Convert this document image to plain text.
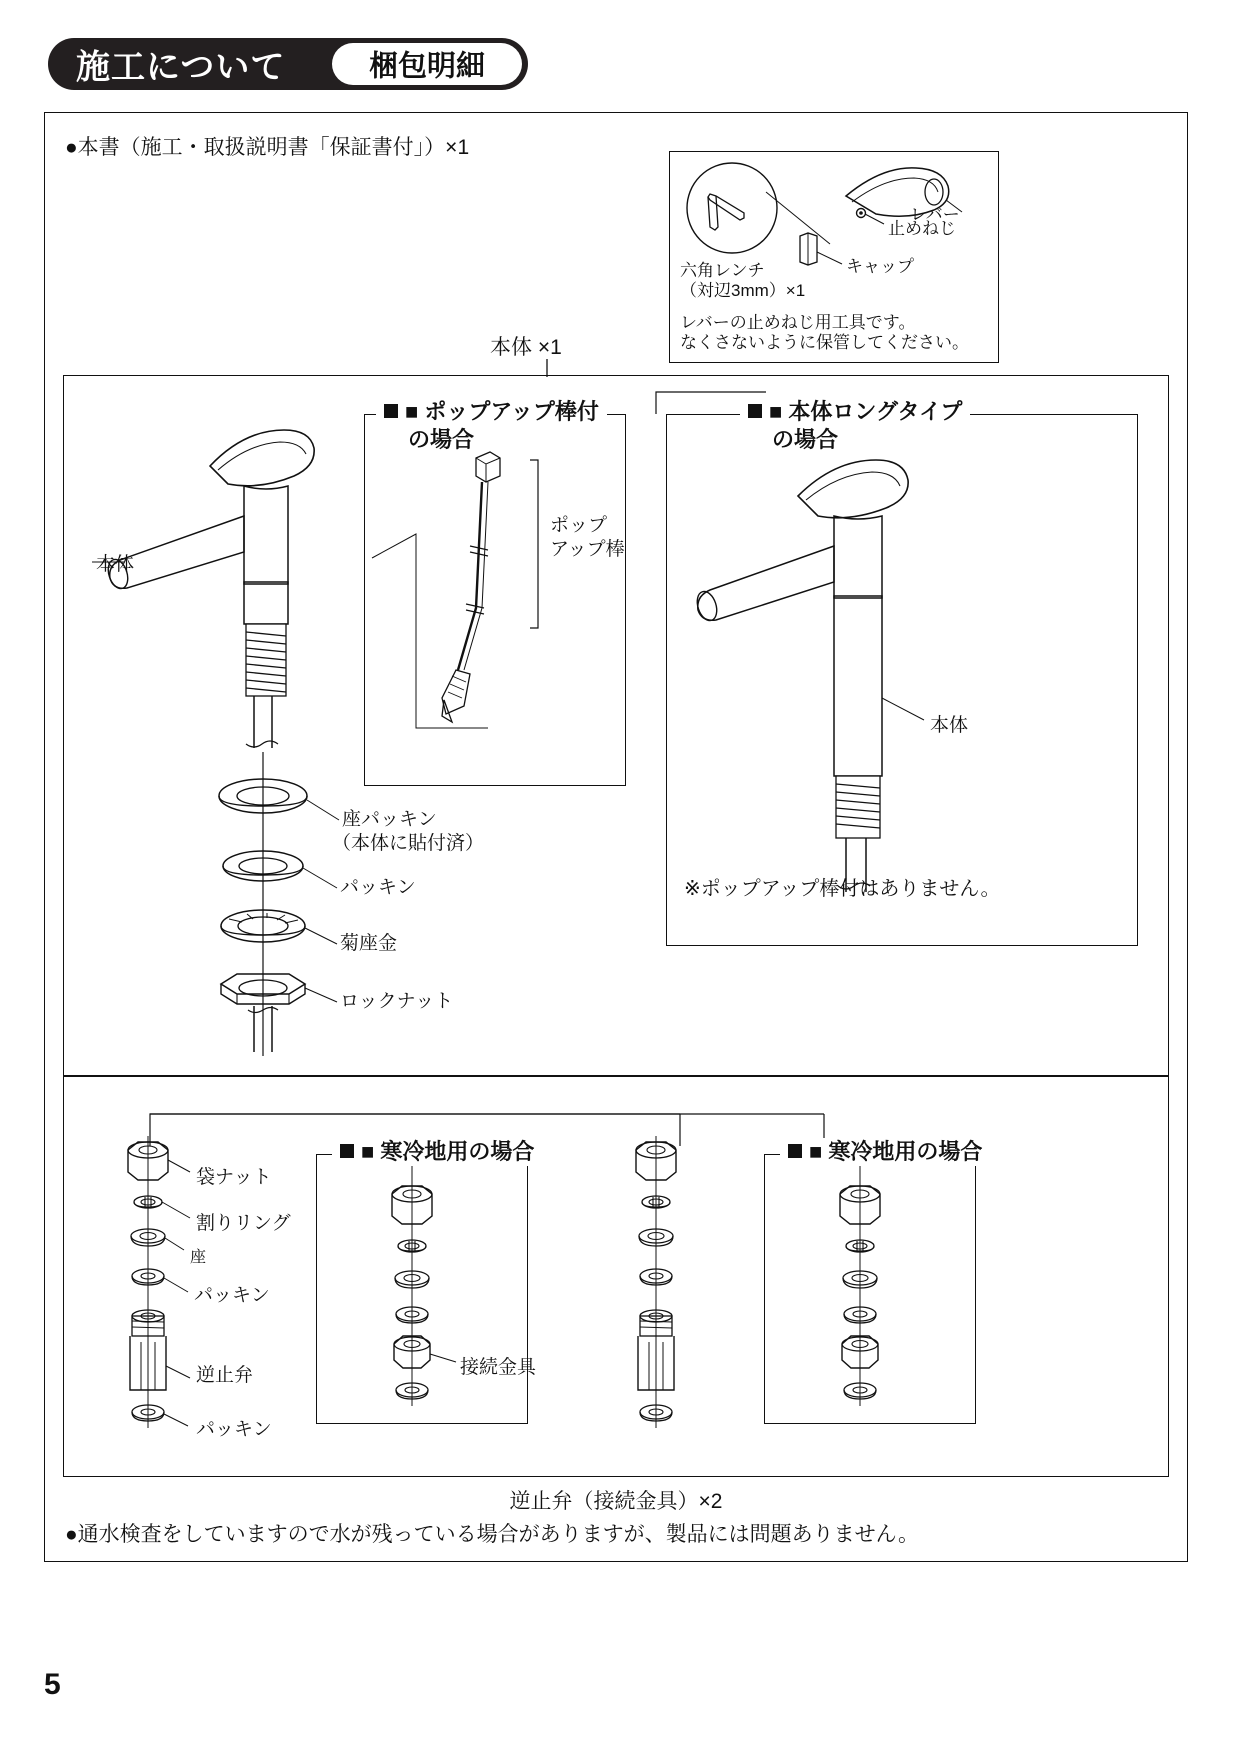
施工について	梱包明細
●本書（施工・取扱説明書「保証書付」）×1
レバー
止めねじ
キャップ
六角レンチ
（対辺3mm）×1
レバーの止めねじ用工具です。
なくさないように保管してください。
本体 ×1
本体
座パッキン
（本体に貼付済）
パッキン
菊座金
ロックナット
■ ポップアップ棒付
の場合
ポップ
アップ棒
■ 本体ロングタイプ
の場合
本体
※ポップアップ棒付はありません。
袋ナット
割りリング
座
パッキン
逆止弁
パッキン
■ 寒冷地用の場合
接続金具
■ 寒冷地用の場合
逆止弁（接続金具）×2
●通水検査をしていますので水が残っている場合がありますが、製品には問題ありません。
5
